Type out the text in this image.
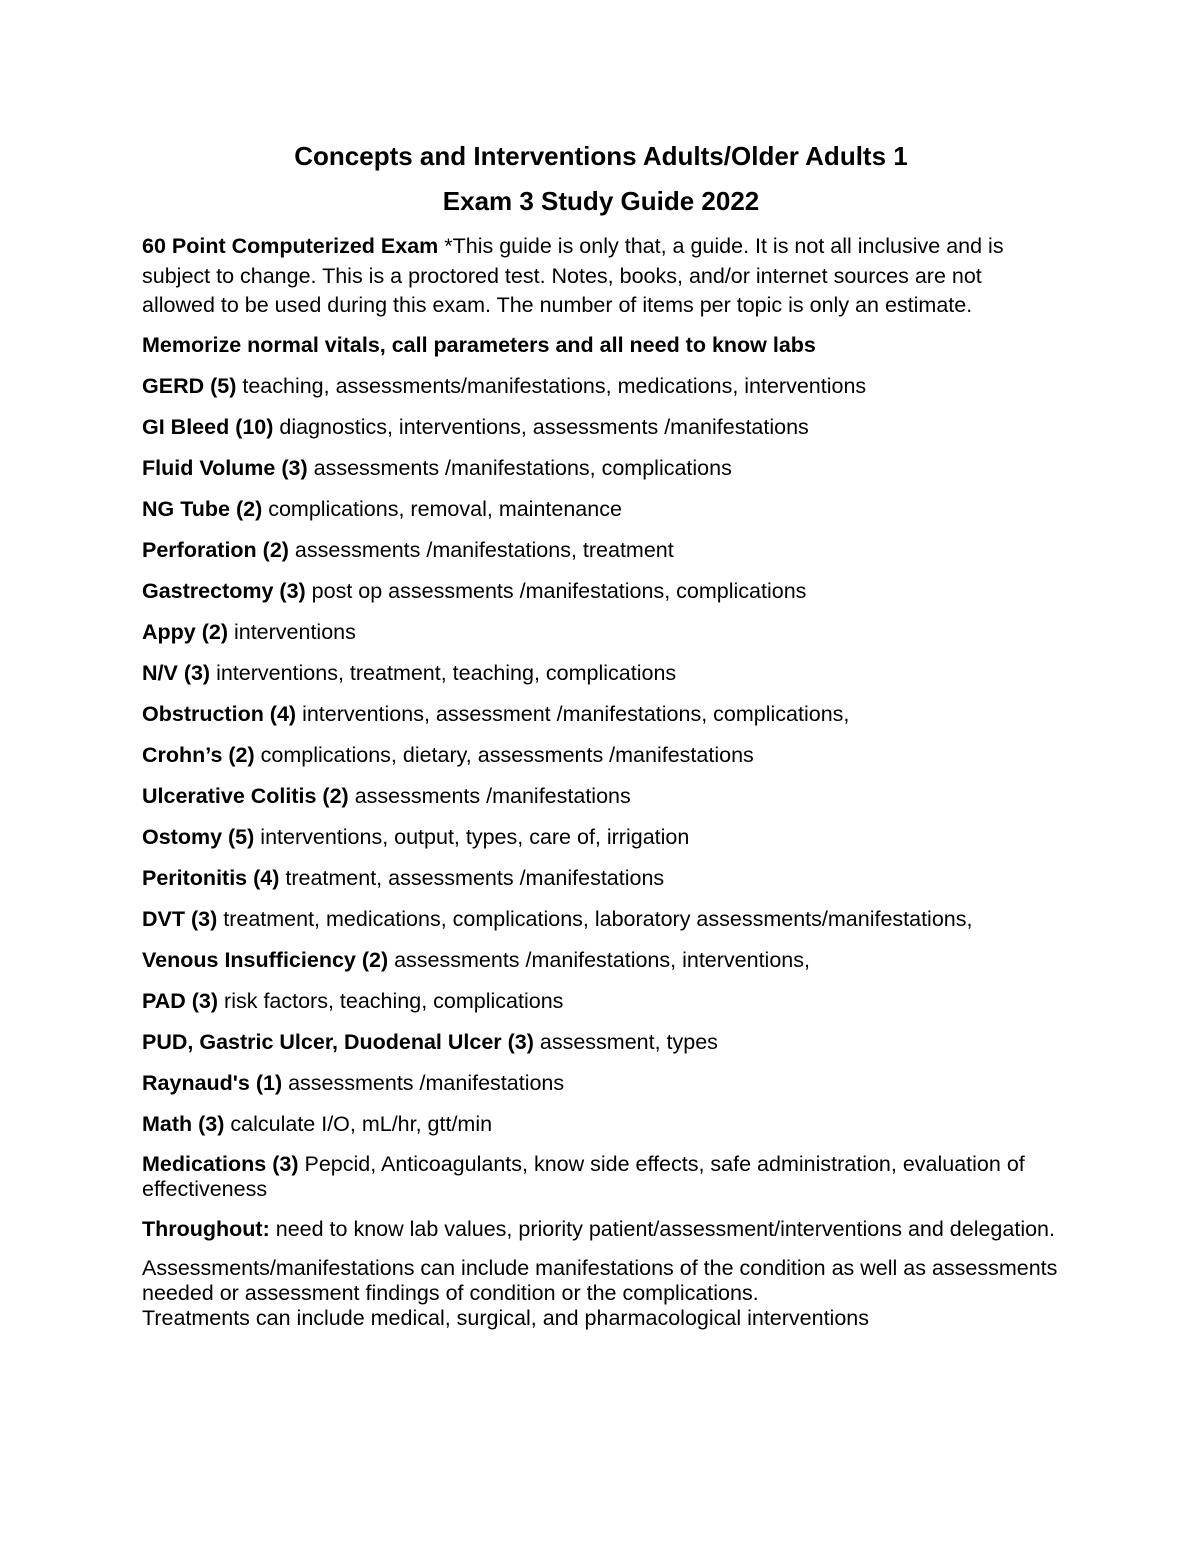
Concepts and Interventions Adults/Older Adults 1
Exam 3 Study Guide 2022

60 Point Computerized Exam *This guide is only that, a guide. It is not all inclusive and is subject to change. This is a proctored test. Notes, books, and/or internet sources are not allowed to be used during this exam. The number of items per topic is only an estimate.

Memorize normal vitals, call parameters and all need to know labs

GERD (5) teaching, assessments/manifestations, medications, interventions
GI Bleed (10) diagnostics, interventions, assessments /manifestations
Fluid Volume (3) assessments /manifestations, complications
NG Tube (2) complications, removal, maintenance
Perforation (2) assessments /manifestations, treatment
Gastrectomy (3) post op assessments /manifestations, complications
Appy (2) interventions
N/V (3) interventions, treatment, teaching, complications
Obstruction (4) interventions, assessment /manifestations, complications,
Crohn’s (2) complications, dietary, assessments /manifestations
Ulcerative Colitis (2) assessments /manifestations
Ostomy (5) interventions, output, types, care of, irrigation
Peritonitis (4) treatment, assessments /manifestations
DVT (3) treatment, medications, complications, laboratory assessments/manifestations,
Venous Insufficiency (2) assessments /manifestations, interventions,
PAD (3) risk factors, teaching, complications
PUD, Gastric Ulcer, Duodenal Ulcer (3) assessment, types
Raynaud's (1) assessments /manifestations
Math (3) calculate I/O, mL/hr, gtt/min
Medications (3) Pepcid, Anticoagulants, know side effects, safe administration, evaluation of effectiveness
Throughout: need to know lab values, priority patient/assessment/interventions and delegation.

Assessments/manifestations can include manifestations of the condition as well as assessments needed or assessment findings of condition or the complications.
Treatments can include medical, surgical, and pharmacological interventions
